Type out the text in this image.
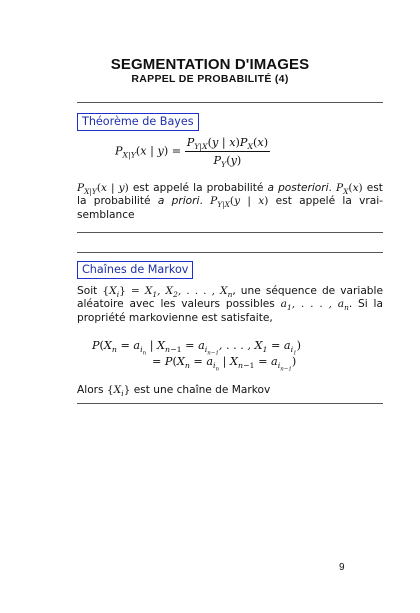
SEGMENTATION D'IMAGES
RAPPEL DE PROBABILITÉ (4)
Théorème de Bayes
$P_{X|Y}(x$ | $y) = \frac{P_{Y|X}(y | x)P_X(x)}{P_Y(y)}$
$P_{X|Y}(x$ | y) est appelé la probabilité a posteriori. $P_X(x)$ est la probabilité a priori. $P_{Y|X}(y$ | x) est appelé la vrai-semblance
Chaînes de Markov
Soit $\{X_i\} = X_1$, $X_2$, . . . , $X_n$, une séquence de variable aléatoire avec les valeurs possibles $a_1$, . . . , $a_n$. Si la propriété markovienne est satisfaite,
$P(X_n = a_{i_n}$ | $X_{n-1} = a_{i_{n-1}}$, . . . , $X_1 = a_{i_1}$)
= $P(X_n = a_{i_n}$ | $X_{n-1} = a_{i_{n-1}}$)
Alors $\{X_i\}$ est une chaîne de Markov
9
